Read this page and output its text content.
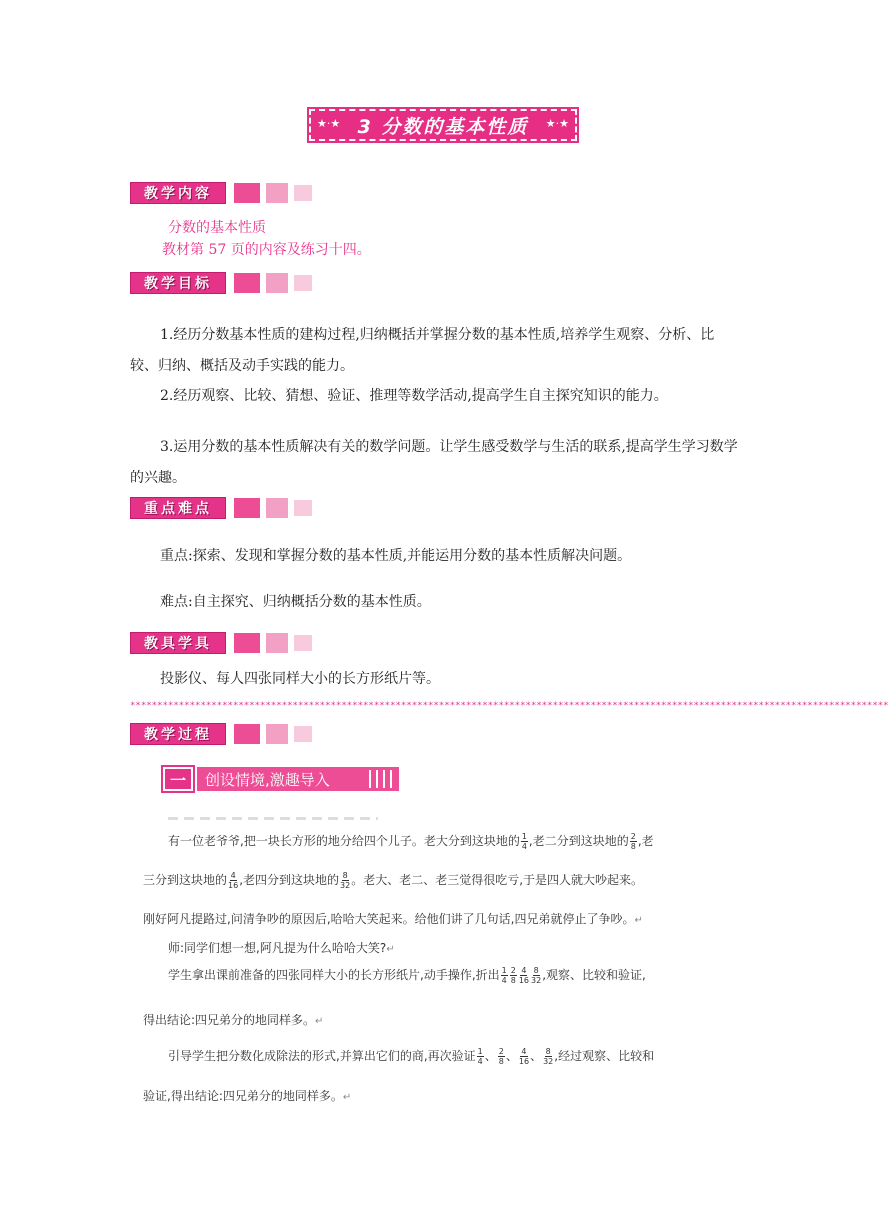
★·★ 3 分数的基本性质 ★·★
教学内容
分数的基本性质
教材第 57 页的内容及练习十四。
教学目标
1.经历分数基本性质的建构过程,归纳概括并掌握分数的基本性质,培养学生观察、分析、比较、归纳、概括及动手实践的能力。
2.经历观察、比较、猜想、验证、推理等数学活动,提高学生自主探究知识的能力。
3.运用分数的基本性质解决有关的数学问题。让学生感受数学与生活的联系,提高学生学习数学的兴趣。
重点难点
重点:探索、发现和掌握分数的基本性质,并能运用分数的基本性质解决问题。
难点:自主探究、归纳概括分数的基本性质。
教具学具
投影仪、每人四张同样大小的长方形纸片等。
********************************************************************************************************************************************
教学过程
一	创设情境,激趣导入
有一位老爷爷,把一块长方形的地分给四个儿子。老大分到这块地的 $\frac{1}{4}$ ,老二分到这块地的 $\frac{2}{8}$ ,老
三分到这块地的 $\frac{4}{16}$ ,老四分到这块地的 $\frac{8}{32}$ 。老大、老二、老三觉得很吃亏,于是四人就大吵起来。
刚好阿凡提路过,问清争吵的原因后,哈哈大笑起来。给他们讲了几句话,四兄弟就停止了争吵。↵
师:同学们想一想,阿凡提为什么哈哈大笑?↵
学生拿出课前准备的四张同样大小的长方形纸片,动手操作,折出 $\frac{1}{4} \frac{2}{8} \frac{4}{16} \frac{8}{32}$ ,观察、比较和验证,
得出结论:四兄弟分的地同样多。↵
引导学生把分数化成除法的形式,并算出它们的商,再次验证 $\frac{1}{4}$ 、 $\frac{2}{8}$ 、 $\frac{4}{16}$ 、 $\frac{8}{32}$ ,经过观察、比较和
验证,得出结论:四兄弟分的地同样多。↵
